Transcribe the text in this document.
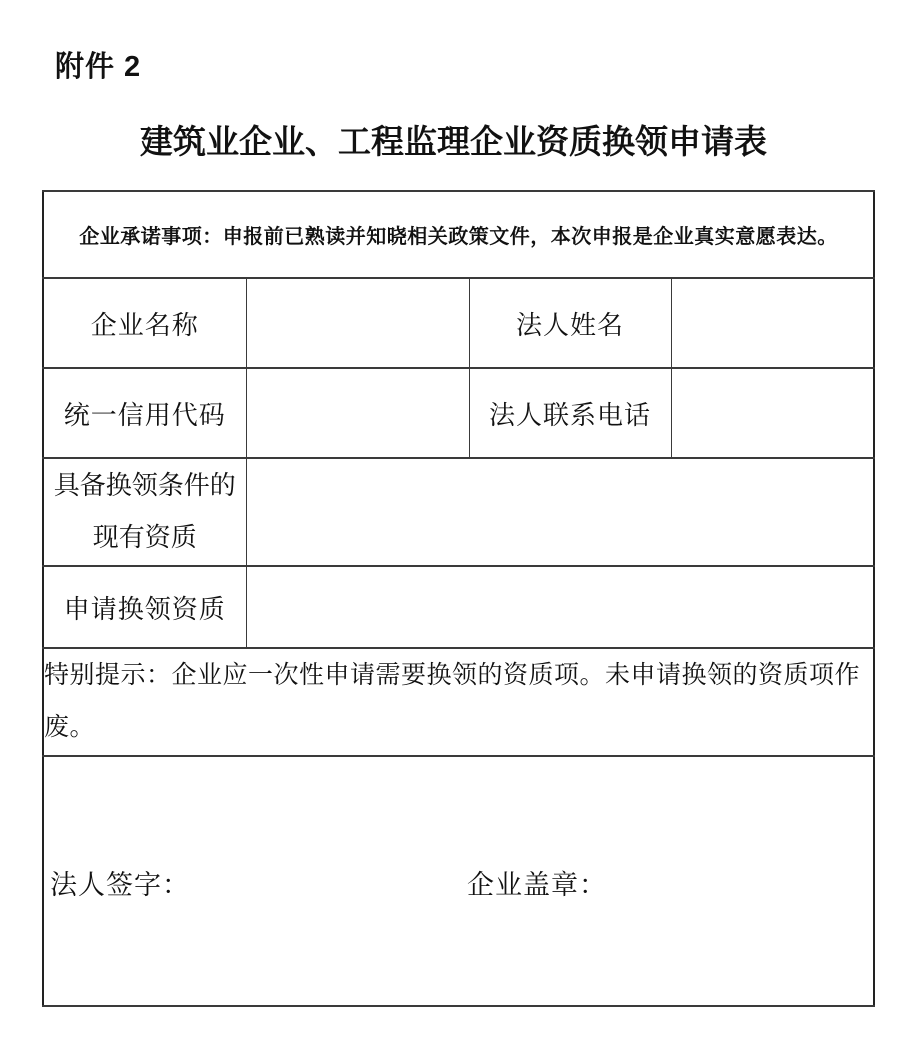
附件 2
建筑业企业、工程监理企业资质换领申请表
企业承诺事项：申报前已熟读并知晓相关政策文件，本次申报是企业真实意愿表达。			
企业名称		法人姓名	
统一信用代码		法人联系电话	

具备换领条件的
现有资质			

申请换领资质			
特别提示：企业应一次性申请需要换领的资质项。未申请换领的资质项作废。			

法人签字： 企业盖章：			
